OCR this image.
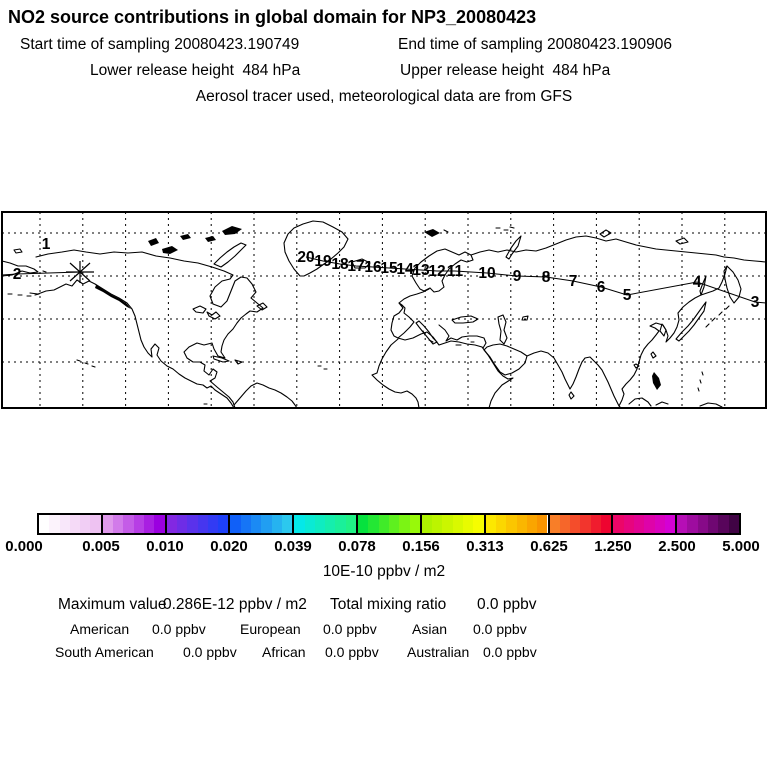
NO2 source contributions in global domain for NP3_20080423
Start time of sampling 20080423.190749	End time of sampling 20080423.190906
Lower release height  484 hPa	Upper release height  484 hPa
Aerosol tracer used, meteorological data are from GFS
1
2
3
4
5
6
7
8
9
10
11
12
13
14
15
16
17
18
19
20
0.000	0.005 0.010 0.020 0.039 0.078 0.156 0.313 0.625 1.250 2.500 5.000
10E-10 ppbv / m2
Maximum value
0.286E-12 ppbv / m2 Total mixing ratio 0.0 ppbv
American 0.0 ppbv European 0.0 ppbv	Asian 0.0 ppbv
South American 0.0 ppbv African 0.0 ppbv Australian 0.0 ppbv
